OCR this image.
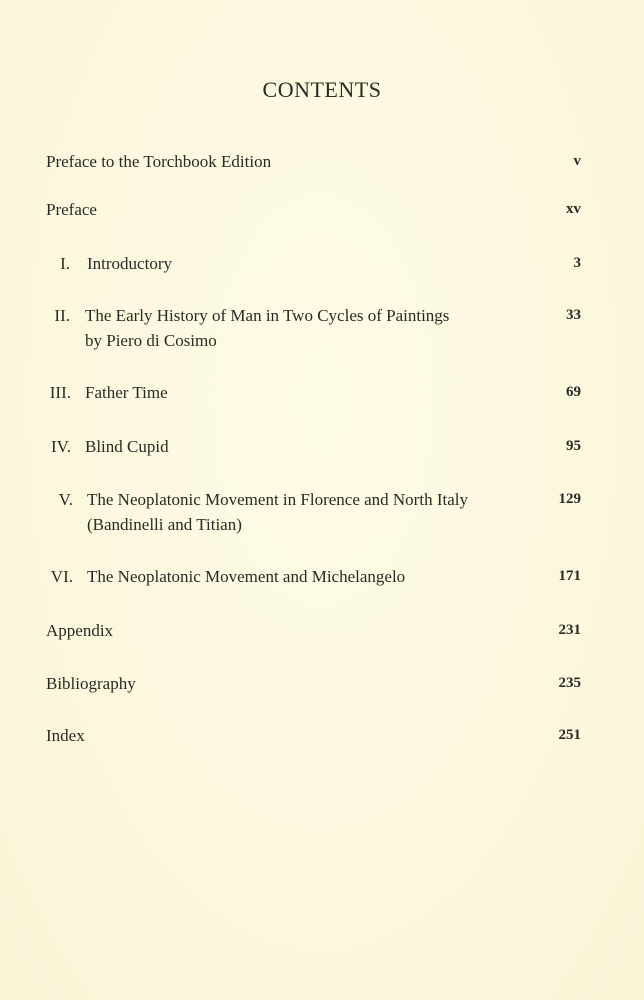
CONTENTS
Preface to the Torchbook Edition	v
Preface	xv
I. Introductory	3
II. The Early History of Man in Two Cycles of Paintings	33
by Piero di Cosimo
III. Father Time	69
IV. Blind Cupid	95
V. The Neoplatonic Movement in Florence and North Italy	129
(Bandinelli and Titian)
VI. The Neoplatonic Movement and Michelangelo	171
Appendix	231
Bibliography	235
Index	251
